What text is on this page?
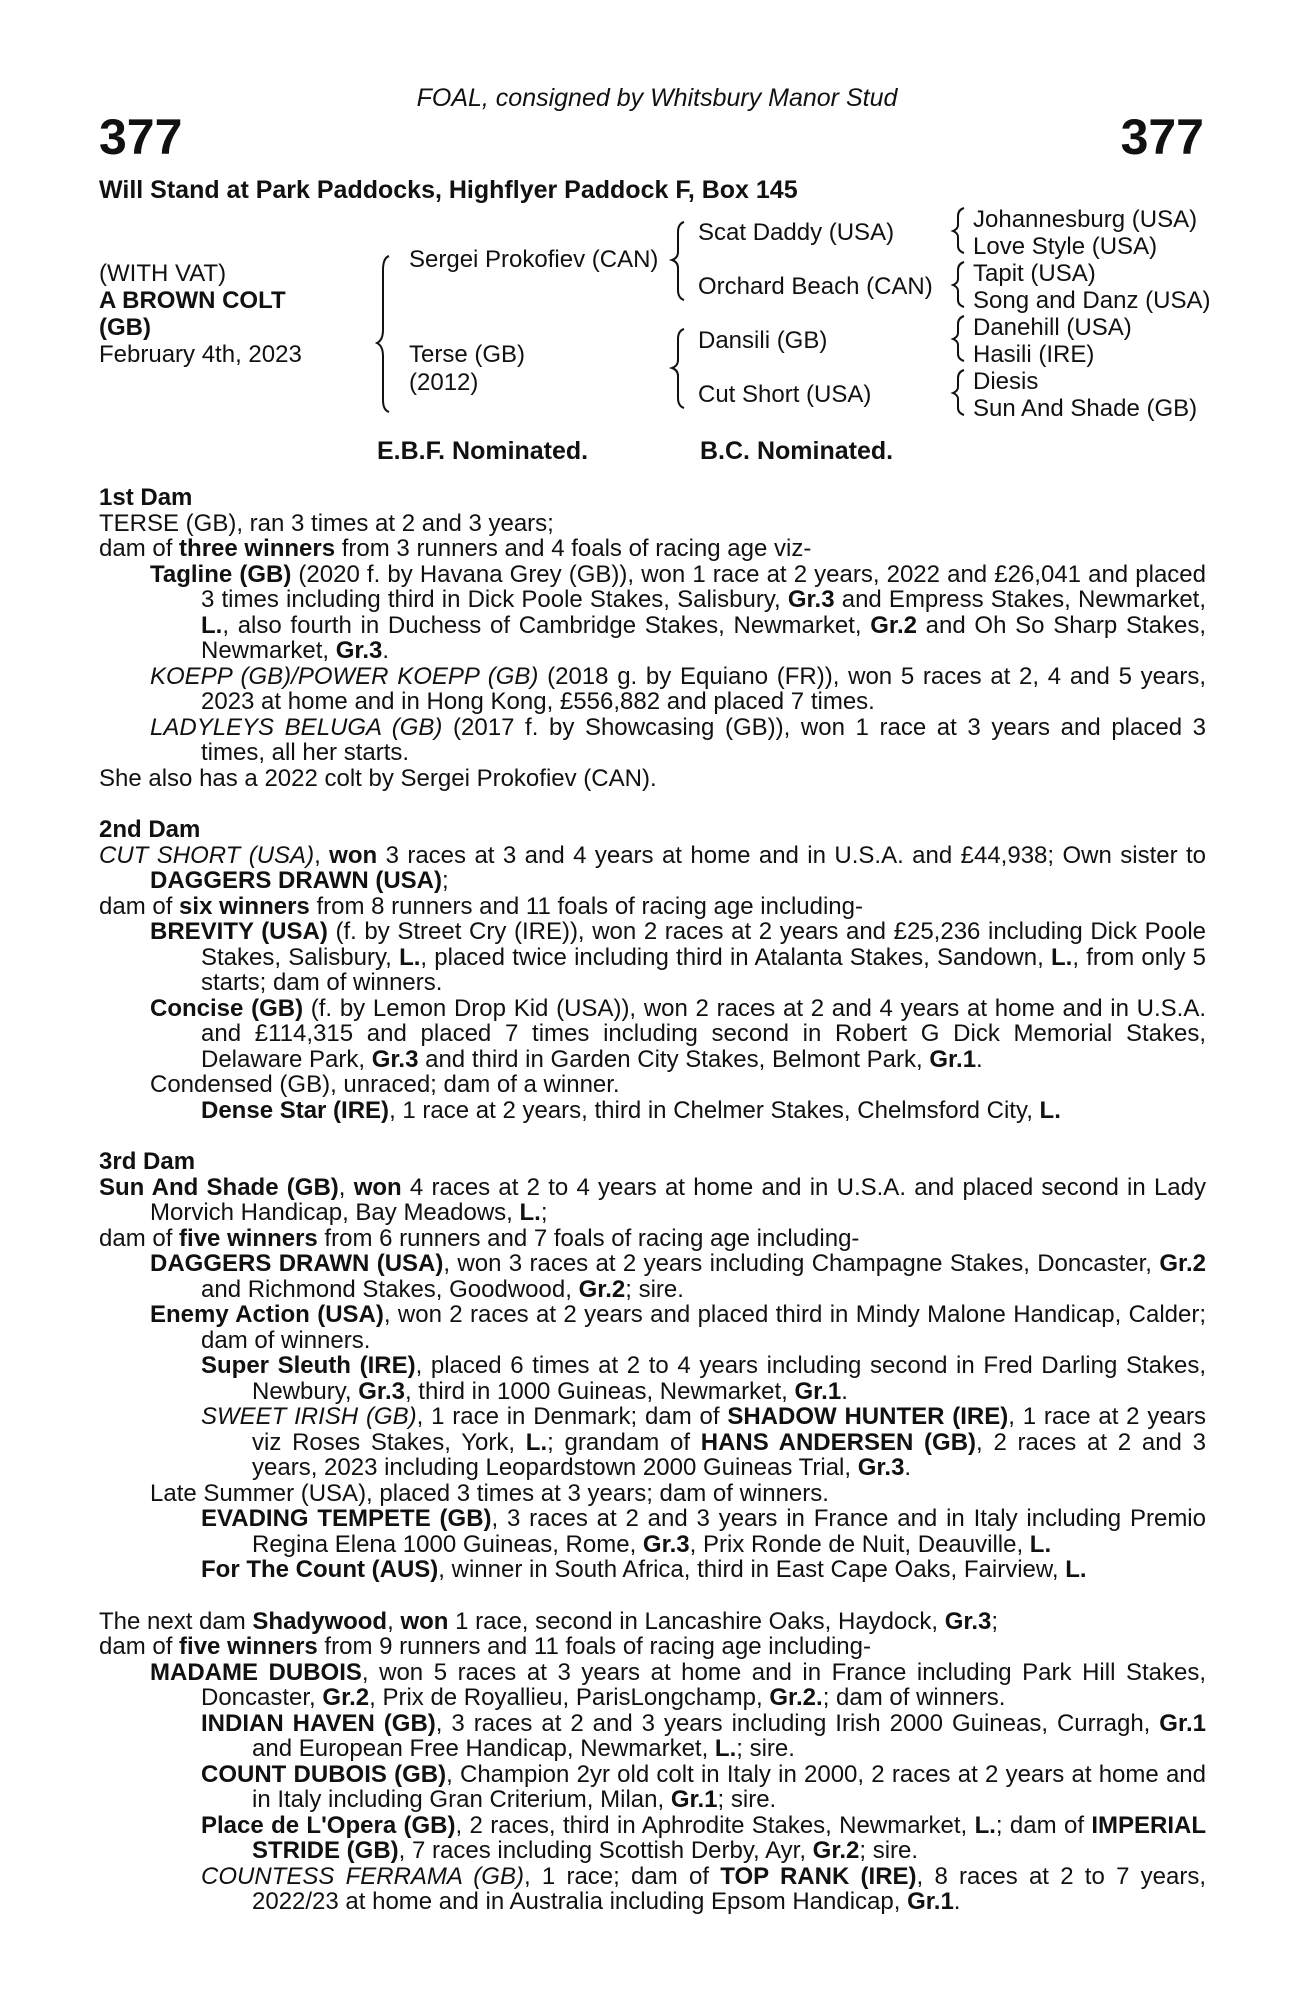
FOAL, consigned by Whitsbury Manor Stud
377	377
Will Stand at Park Paddocks, Highflyer Paddock F, Box 145
(WITH VAT)
A BROWN COLT
(GB)
February 4th, 2023
Sergei Prokofiev (CAN)
Terse (GB)
(2012)
Scat Daddy (USA)
Orchard Beach (CAN)
Dansili (GB)
Cut Short (USA)
Johannesburg (USA)
Love Style (USA)
Tapit (USA)
Song and Danz (USA)
Danehill (USA)
Hasili (IRE)
Diesis
Sun And Shade (GB)
E.B.F. Nominated.	B.C. Nominated.
1st Dam
TERSE (GB), ran 3 times at 2 and 3 years;
dam of three winners from 3 runners and 4 foals of racing age viz-
Tagline (GB) (2020 f. by Havana Grey (GB)), won 1 race at 2 years, 2022 and £26,041 and placed 3 times including third in Dick Poole Stakes, Salisbury, Gr.3 and Empress Stakes, Newmarket, L., also fourth in Duchess of Cambridge Stakes, Newmarket, Gr.2 and Oh So Sharp Stakes, Newmarket, Gr.3.
KOEPP (GB)/POWER KOEPP (GB) (2018 g. by Equiano (FR)), won 5 races at 2, 4 and 5 years, 2023 at home and in Hong Kong, £556,882 and placed 7 times.
LADYLEYS BELUGA (GB) (2017 f. by Showcasing (GB)), won 1 race at 3 years and placed 3 times, all her starts.
She also has a 2022 colt by Sergei Prokofiev (CAN).
2nd Dam
CUT SHORT (USA), won 3 races at 3 and 4 years at home and in U.S.A. and £44,938; Own sister to DAGGERS DRAWN (USA);
dam of six winners from 8 runners and 11 foals of racing age including-
BREVITY (USA) (f. by Street Cry (IRE)), won 2 races at 2 years and £25,236 including Dick Poole Stakes, Salisbury, L., placed twice including third in Atalanta Stakes, Sandown, L., from only 5 starts; dam of winners.
Concise (GB) (f. by Lemon Drop Kid (USA)), won 2 races at 2 and 4 years at home and in U.S.A. and £114,315 and placed 7 times including second in Robert G Dick Memorial Stakes, Delaware Park, Gr.3 and third in Garden City Stakes, Belmont Park, Gr.1.
Condensed (GB), unraced; dam of a winner.
Dense Star (IRE), 1 race at 2 years, third in Chelmer Stakes, Chelmsford City, L.
3rd Dam
Sun And Shade (GB), won 4 races at 2 to 4 years at home and in U.S.A. and placed second in Lady Morvich Handicap, Bay Meadows, L.;
dam of five winners from 6 runners and 7 foals of racing age including-
DAGGERS DRAWN (USA), won 3 races at 2 years including Champagne Stakes, Doncaster, Gr.2 and Richmond Stakes, Goodwood, Gr.2; sire.
Enemy Action (USA), won 2 races at 2 years and placed third in Mindy Malone Handicap, Calder; dam of winners.
Super Sleuth (IRE), placed 6 times at 2 to 4 years including second in Fred Darling Stakes, Newbury, Gr.3, third in 1000 Guineas, Newmarket, Gr.1.
SWEET IRISH (GB), 1 race in Denmark; dam of SHADOW HUNTER (IRE), 1 race at 2 years viz Roses Stakes, York, L.; grandam of HANS ANDERSEN (GB), 2 races at 2 and 3 years, 2023 including Leopardstown 2000 Guineas Trial, Gr.3.
Late Summer (USA), placed 3 times at 3 years; dam of winners.
EVADING TEMPETE (GB), 3 races at 2 and 3 years in France and in Italy including Premio Regina Elena 1000 Guineas, Rome, Gr.3, Prix Ronde de Nuit, Deauville, L.
For The Count (AUS), winner in South Africa, third in East Cape Oaks, Fairview, L.
The next dam Shadywood, won 1 race, second in Lancashire Oaks, Haydock, Gr.3;
dam of five winners from 9 runners and 11 foals of racing age including-
MADAME DUBOIS, won 5 races at 3 years at home and in France including Park Hill Stakes, Doncaster, Gr.2, Prix de Royallieu, ParisLongchamp, Gr.2.; dam of winners.
INDIAN HAVEN (GB), 3 races at 2 and 3 years including Irish 2000 Guineas, Curragh, Gr.1 and European Free Handicap, Newmarket, L.; sire.
COUNT DUBOIS (GB), Champion 2yr old colt in Italy in 2000, 2 races at 2 years at home and in Italy including Gran Criterium, Milan, Gr.1; sire.
Place de L'Opera (GB), 2 races, third in Aphrodite Stakes, Newmarket, L.; dam of IMPERIAL STRIDE (GB), 7 races including Scottish Derby, Ayr, Gr.2; sire.
COUNTESS FERRAMA (GB), 1 race; dam of TOP RANK (IRE), 8 races at 2 to 7 years, 2022/23 at home and in Australia including Epsom Handicap, Gr.1.
